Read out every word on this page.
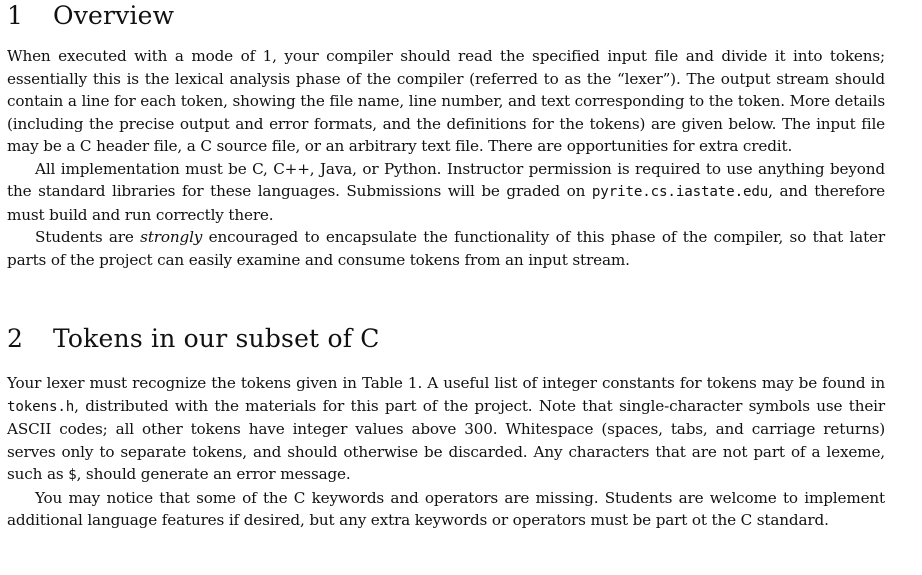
1 Overview

When executed with a mode of 1, your compiler should read the specified input file and divide it into tokens; essentially this is the lexical analysis phase of the compiler (referred to as the “lexer”). The output stream should contain a line for each token, showing the file name, line number, and text corresponding to the token. More details (including the precise output and error formats, and the definitions for the tokens) are given below. The input file may be a C header file, a C source file, or an arbitrary text file. There are opportunities for extra credit.

All implementation must be C, C++, Java, or Python. Instructor permission is required to use anything beyond the standard libraries for these languages. Submissions will be graded on pyrite.cs.iastate.edu, and therefore must build and run correctly there.

Students are strongly encouraged to encapsulate the functionality of this phase of the compiler, so that later parts of the project can easily examine and consume tokens from an input stream.

2 Tokens in our subset of C

Your lexer must recognize the tokens given in Table 1. A useful list of integer constants for tokens may be found in tokens.h, distributed with the materials for this part of the project. Note that single-character symbols use their ASCII codes; all other tokens have integer values above 300. Whitespace (spaces, tabs, and carriage returns) serves only to separate tokens, and should otherwise be discarded. Any characters that are not part of a lexeme, such as $, should generate an error message.

You may notice that some of the C keywords and operators are missing. Students are welcome to implement additional language features if desired, but any extra keywords or operators must be part ot the C standard.
